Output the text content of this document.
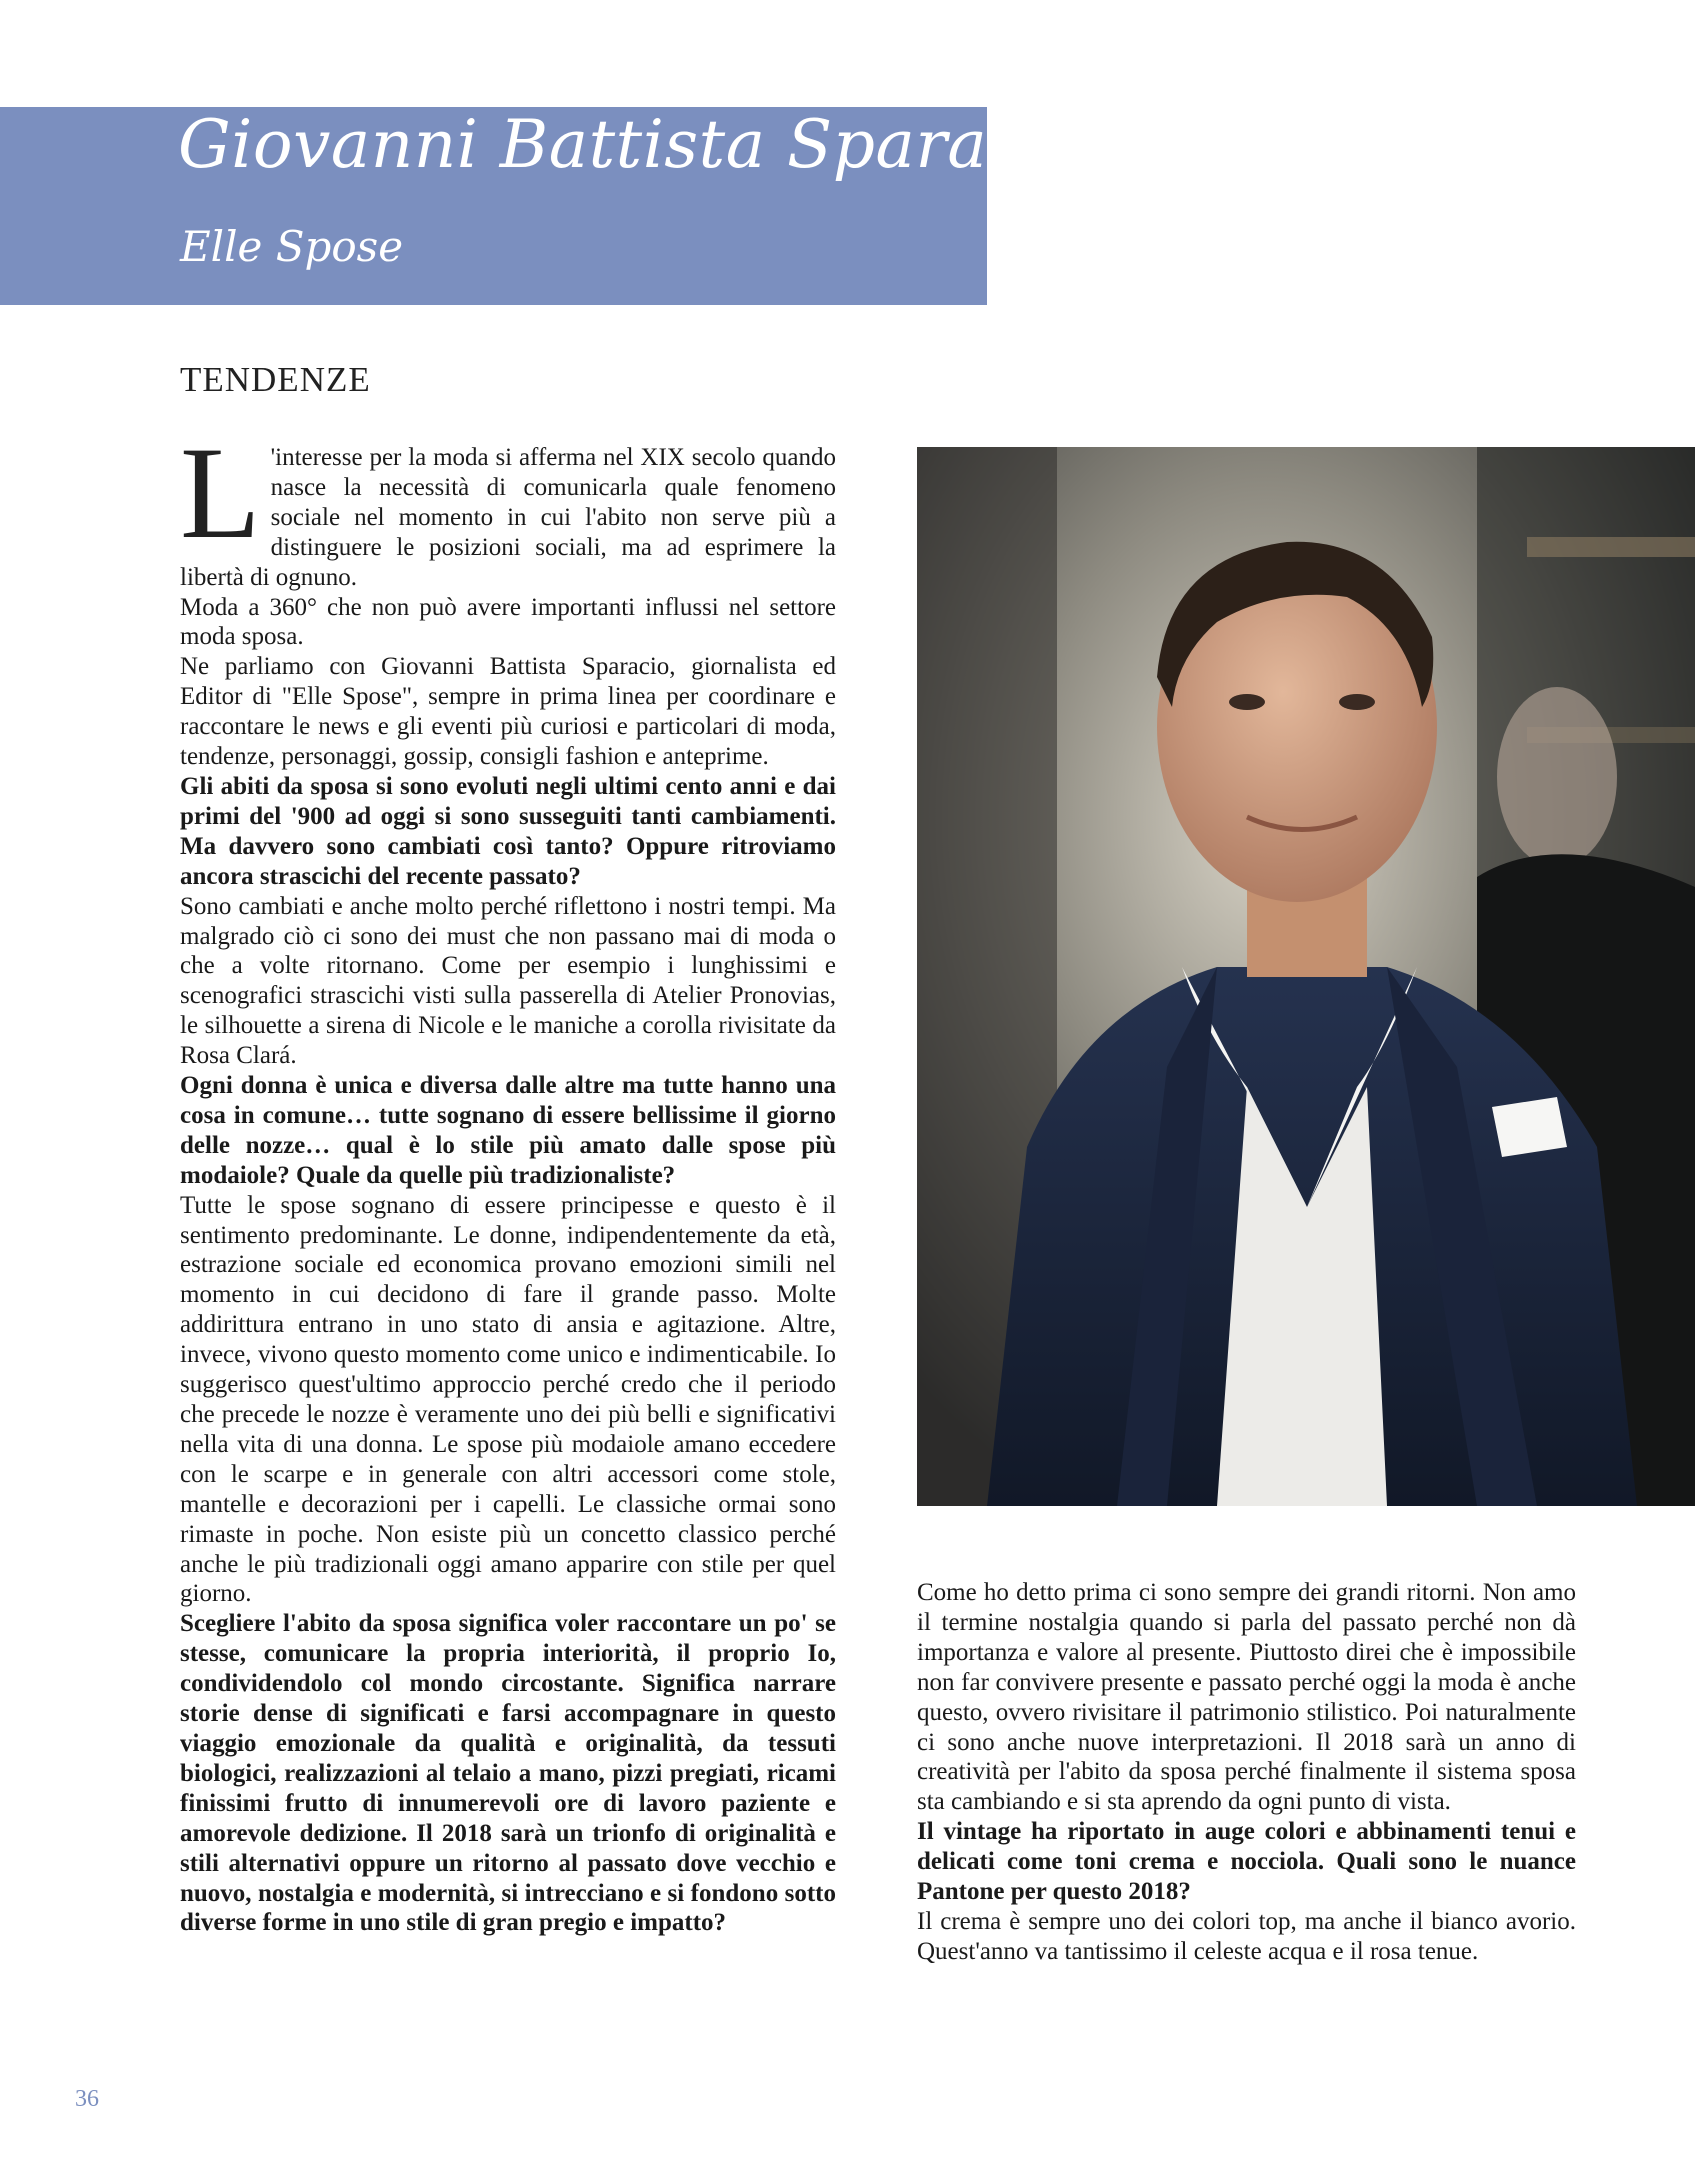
Giovanni Battista Sparacio
Elle Spose
TENDENZE

L 'interesse per la moda si afferma nel XIX secolo quando nasce la necessità di comunicarla quale fenomeno sociale nel momento in cui l'abito non serve più a distinguere le posizioni sociali, ma ad esprimere la libertà di ognuno.

Moda a 360° che non può avere importanti influssi nel settore moda sposa.

Ne parliamo con Giovanni Battista Sparacio, giornalista ed Editor di "Elle Spose", sempre in prima linea per coordinare e raccontare le news e gli eventi più curiosi e particolari di moda, tendenze, personaggi, gossip, consigli fashion e anteprime.

Gli abiti da sposa si sono evoluti negli ultimi cento anni e dai primi del '900 ad oggi si sono susseguiti tanti cambiamenti. Ma davvero sono cambiati così tanto? Oppure ritroviamo ancora strascichi del recente passato?

Sono cambiati e anche molto perché riflettono i nostri tempi. Ma malgrado ciò ci sono dei must che non passano mai di moda o che a volte ritornano. Come per esempio i lunghissimi e scenografici strascichi visti sulla passerella di Atelier Pronovias, le silhouette a sirena di Nicole e le maniche a corolla rivisitate da Rosa Clará.

Ogni donna è unica e diversa dalle altre ma tutte hanno una cosa in comune… tutte sognano di essere bellissime il giorno delle nozze… qual è lo stile più amato dalle spose più modaiole? Quale da quelle più tradizionaliste?

Tutte le spose sognano di essere principesse e questo è il sentimento predominante. Le donne, indipendentemente da età, estrazione sociale ed economica provano emozioni simili nel momento in cui decidono di fare il grande passo. Molte addirittura entrano in uno stato di ansia e agitazione. Altre, invece, vivono questo momento come unico e indimenticabile. Io suggerisco quest'ultimo approccio perché credo che il periodo che precede le nozze è veramente uno dei più belli e significativi nella vita di una donna. Le spose più modaiole amano eccedere con le scarpe e in generale con altri accessori come stole, mantelle e decorazioni per i capelli. Le classiche ormai sono rimaste in poche. Non esiste più un concetto classico perché anche le più tradizionali oggi amano apparire con stile per quel giorno.

Scegliere l'abito da sposa significa voler raccontare un po' se stesse, comunicare la propria interiorità, il proprio Io, condividendolo col mondo circostante. Significa narrare storie dense di significati e farsi accompagnare in questo viaggio emozionale da qualità e originalità, da tessuti biologici, realizzazioni al telaio a mano, pizzi pregiati, ricami finissimi frutto di innumerevoli ore di lavoro paziente e amorevole dedizione. Il 2018 sarà un trionfo di originalità e stili alternativi oppure un ritorno al passato dove vecchio e nuovo, nostalgia e modernità, si intrecciano e si fondono sotto diverse forme in uno stile di gran pregio e impatto?

Come ho detto prima ci sono sempre dei grandi ritorni. Non amo il termine nostalgia quando si parla del passato perché non dà importanza e valore al presente. Piuttosto direi che è impossibile non far convivere presente e passato perché oggi la moda è anche questo, ovvero rivisitare il patrimonio stilistico. Poi naturalmente ci sono anche nuove interpretazioni. Il 2018 sarà un anno di creatività per l'abito da sposa perché finalmente il sistema sposa sta cambiando e si sta aprendo da ogni punto di vista.

Il vintage ha riportato in auge colori e abbinamenti tenui e delicati come toni crema e nocciola. Quali sono le nuance Pantone per questo 2018?

Il crema è sempre uno dei colori top, ma anche il bianco avorio. Quest'anno va tantissimo il celeste acqua e il rosa tenue.

36
